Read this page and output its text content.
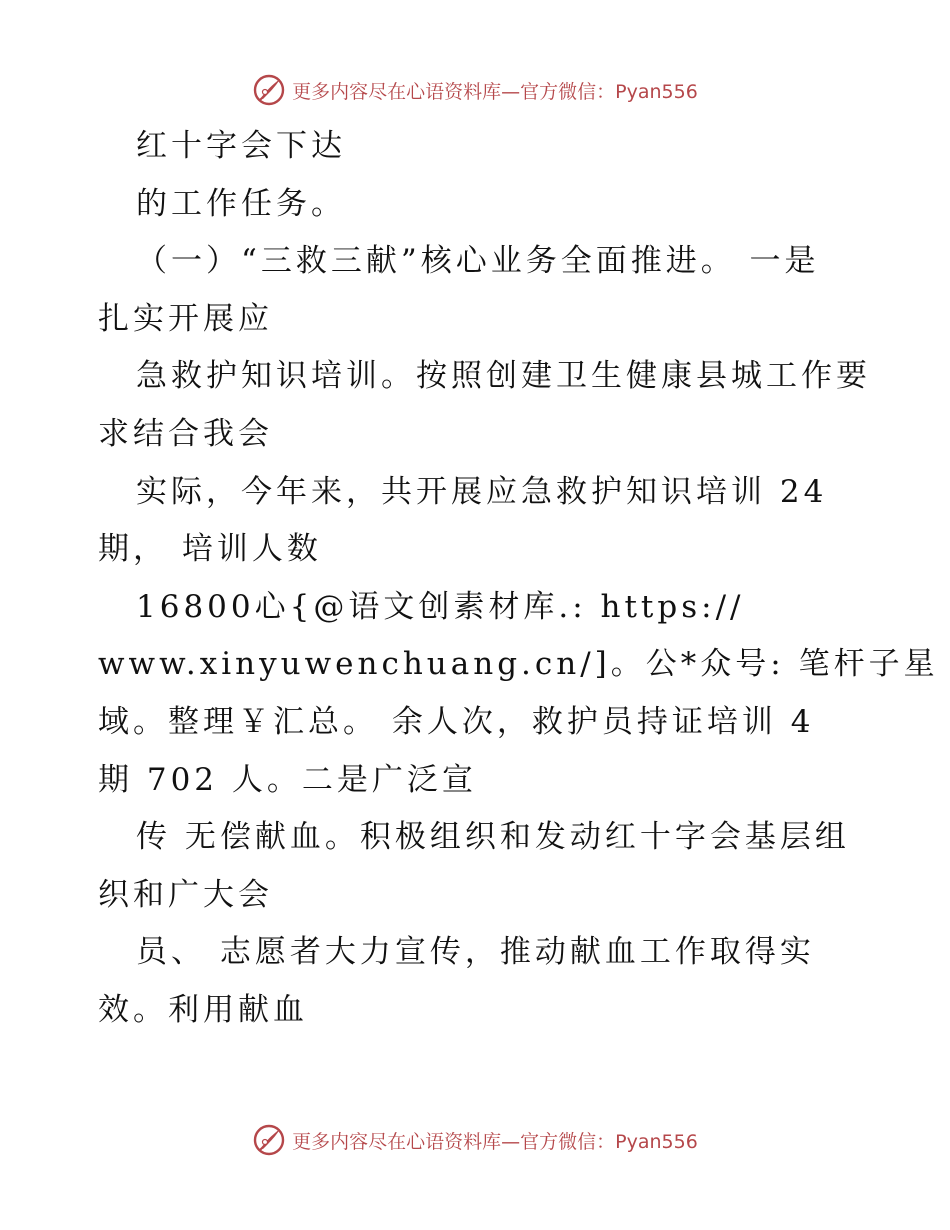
更多内容尽在心语资料库—官方微信：Pyan556
红十字会下达
的工作任务。
（一）“三救三献”核心业务全面推进。 一是
扎实开展应
急救护知识培训。按照创建卫生健康县城工作要
求结合我会
实际，今年来，共开展应急救护知识培训 24
期， 培训人数
16800心{@语文创素材库.: https://
www.xinyuwenchuang.cn/]。公*众号: 笔杆子星
域。整理￥汇总。 余人次，救护员持证培训 4
期 702 人。二是广泛宣
传 无偿献血。积极组织和发动红十字会基层组
织和广大会
员、 志愿者大力宣传，推动献血工作取得实
效。利用献血
更多内容尽在心语资料库—官方微信：Pyan556
